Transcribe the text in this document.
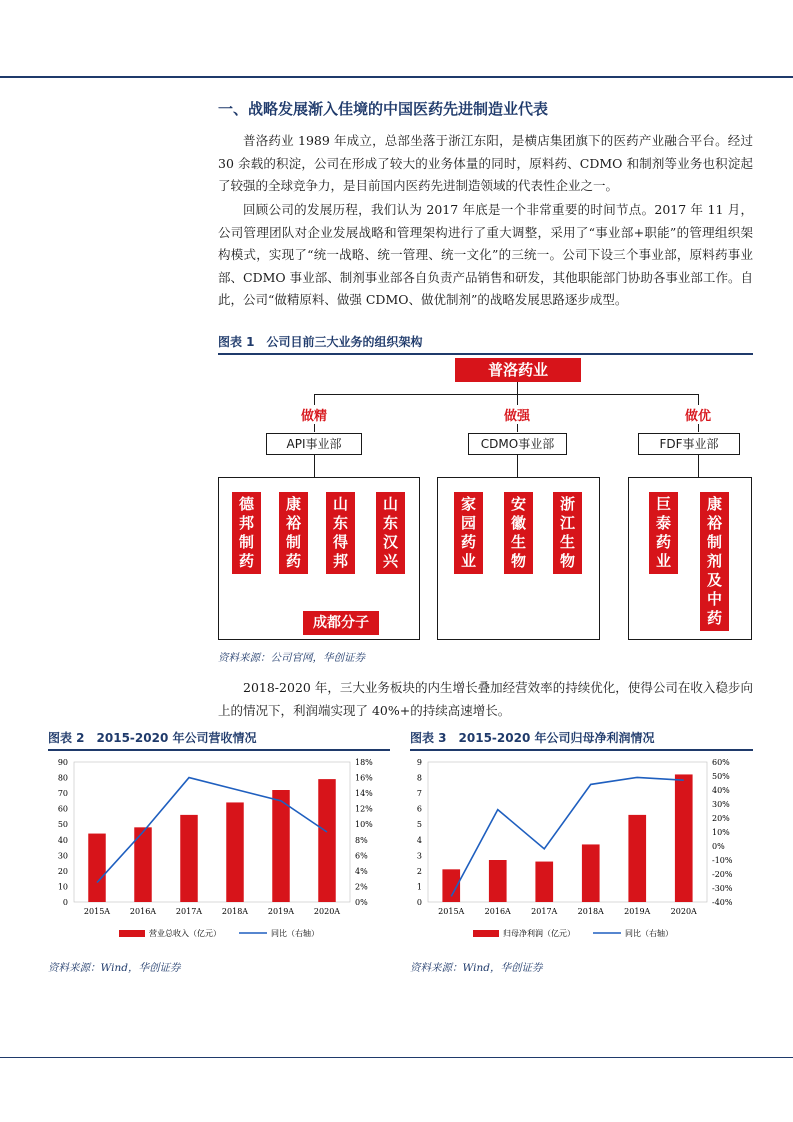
一、战略发展渐入佳境的中国医药先进制造业代表

普洛药业 1989 年成立，总部坐落于浙江东阳，是横店集团旗下的医药产业融合平台。经过 30 余载的积淀，公司在形成了较大的业务体量的同时，原料药、CDMO 和制剂等业务也积淀起了较强的全球竞争力，是目前国内医药先进制造领域的代表性企业之一。

回顾公司的发展历程，我们认为 2017 年底是一个非常重要的时间节点。2017 年 11 月，公司管理团队对企业发展战略和管理架构进行了重大调整，采用了“事业部+职能”的管理组织架构模式，实现了“统一战略、统一管理、统一文化”的三统一。公司下设三个事业部，原料药事业部、CDMO 事业部、制剂事业部各自负责产品销售和研发，其他职能部门协助各事业部工作。自此，公司“做精原料、做强 CDMO、做优制剂”的战略发展思路逐步成型。

图表 1　公司目前三大业务的组织架构
普洛药业
做精	做强	做优
API事业部	CDMO事业部	FDF事业部
德邦制药
康裕制药
山东得邦
山东汉兴
成都分子
家园药业
安徽生物
浙江生物
巨泰药业
康裕制剂及中药
资料来源：公司官网，华创证券

2018-2020 年，三大业务板块的内生增长叠加经营效率的持续优化，使得公司在收入稳步向上的情况下，利润端实现了 40%+的持续高速增长。

图表 2　2015-2020 年公司营收情况	图表 3　2015-2020 年公司归母净利润情况
0
10
20
30
40
50
60
70
80
90
0%
2%
4%
6%
8%
10%
12%
14%
16%
18%
2015A 2016A 2017A 2018A 2019A 2020A
营业总收入（亿元）	同比（右轴）
0
1
2
3
4
5
6
7
8
9
-40%
-30%
-20%
-10%
0%
10%
20%
30%
40%
50%
60%
2015A	2016A	2017A	2018A	2019A	2020A
归母净利润（亿元）	同比（右轴）
资料来源：Wind，华创证券	资料来源：Wind，华创证券
